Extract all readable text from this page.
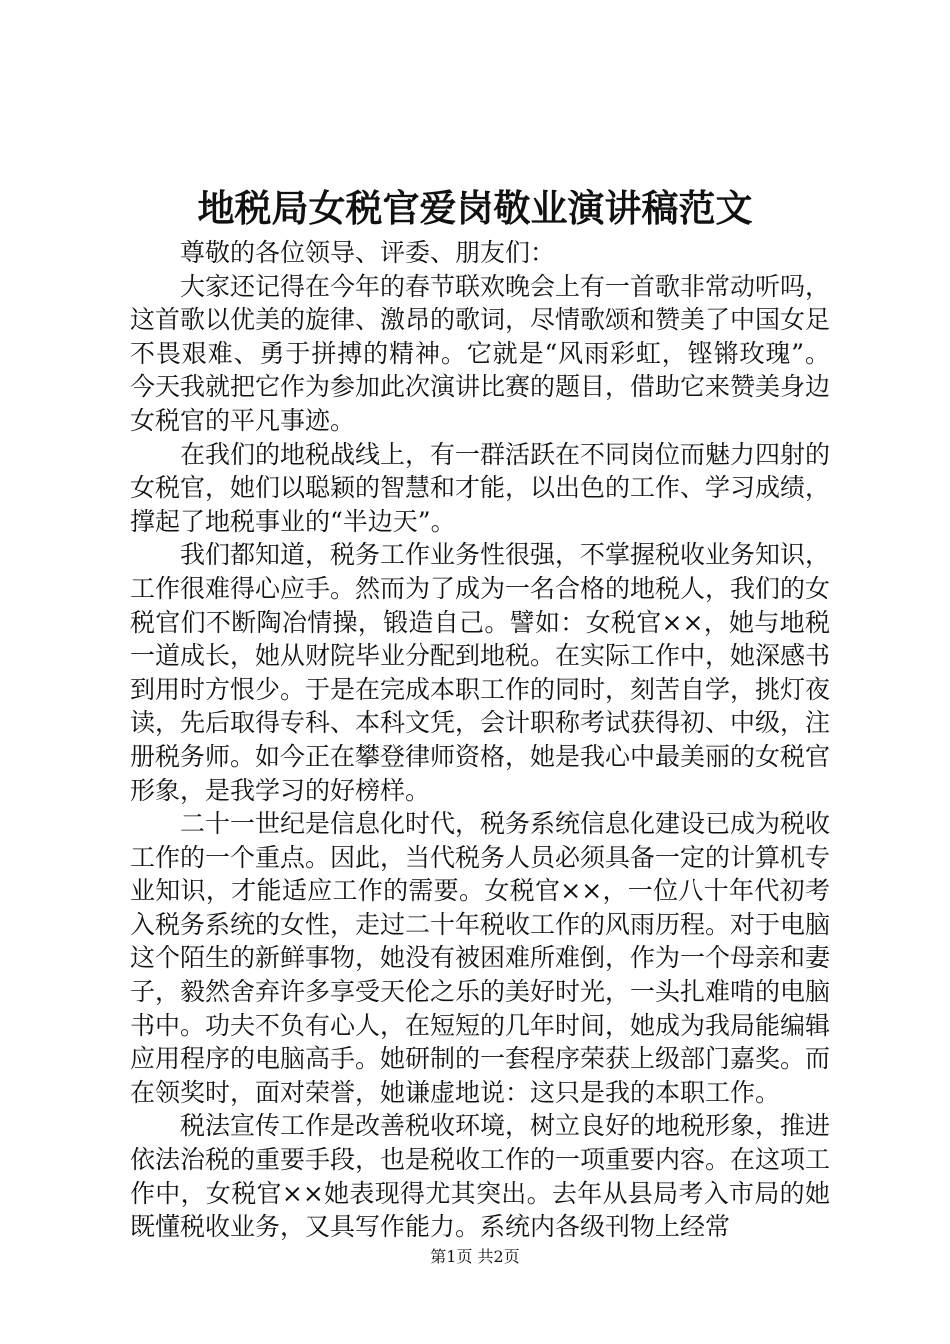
地税局女税官爱岗敬业演讲稿范文

尊敬的各位领导、评委、朋友们：

大家还记得在今年的春节联欢晚会上有一首歌非常动听吗，这首歌以优美的旋律、激昂的歌词，尽情歌颂和赞美了中国女足不畏艰难、勇于拼搏的精神。它就是“风雨彩虹，铿锵玫瑰”。今天我就把它作为参加此次演讲比赛的题目，借助它来赞美身边女税官的平凡事迹。

在我们的地税战线上，有一群活跃在不同岗位而魅力四射的女税官，她们以聪颖的智慧和才能，以出色的工作、学习成绩，撑起了地税事业的“半边天”。

我们都知道，税务工作业务性很强，不掌握税收业务知识，工作很难得心应手。然而为了成为一名合格的地税人，我们的女税官们不断陶冶情操，锻造自己。譬如：女税官××，她与地税一道成长，她从财院毕业分配到地税。在实际工作中，她深感书到用时方恨少。于是在完成本职工作的同时，刻苦自学，挑灯夜读，先后取得专科、本科文凭，会计职称考试获得初、中级，注册税务师。如今正在攀登律师资格，她是我心中最美丽的女税官形象，是我学习的好榜样。

二十一世纪是信息化时代，税务系统信息化建设已成为税收工作的一个重点。因此，当代税务人员必须具备一定的计算机专业知识，才能适应工作的需要。女税官××，一位八十年代初考入税务系统的女性，走过二十年税收工作的风雨历程。对于电脑这个陌生的新鲜事物，她没有被困难所难倒，作为一个母亲和妻子，毅然舍弃许多享受天伦之乐的美好时光，一头扎难啃的电脑书中。功夫不负有心人，在短短的几年时间，她成为我局能编辑应用程序的电脑高手。她研制的一套程序荣获上级部门嘉奖。而在领奖时，面对荣誉，她谦虚地说：这只是我的本职工作。

税法宣传工作是改善税收环境，树立良好的地税形象，推进依法治税的重要手段，也是税收工作的一项重要内容。在这项工作中，女税官××她表现得尤其突出。去年从县局考入市局的她既懂税收业务，又具写作能力。系统内各级刊物上经常

第1页 共2页
